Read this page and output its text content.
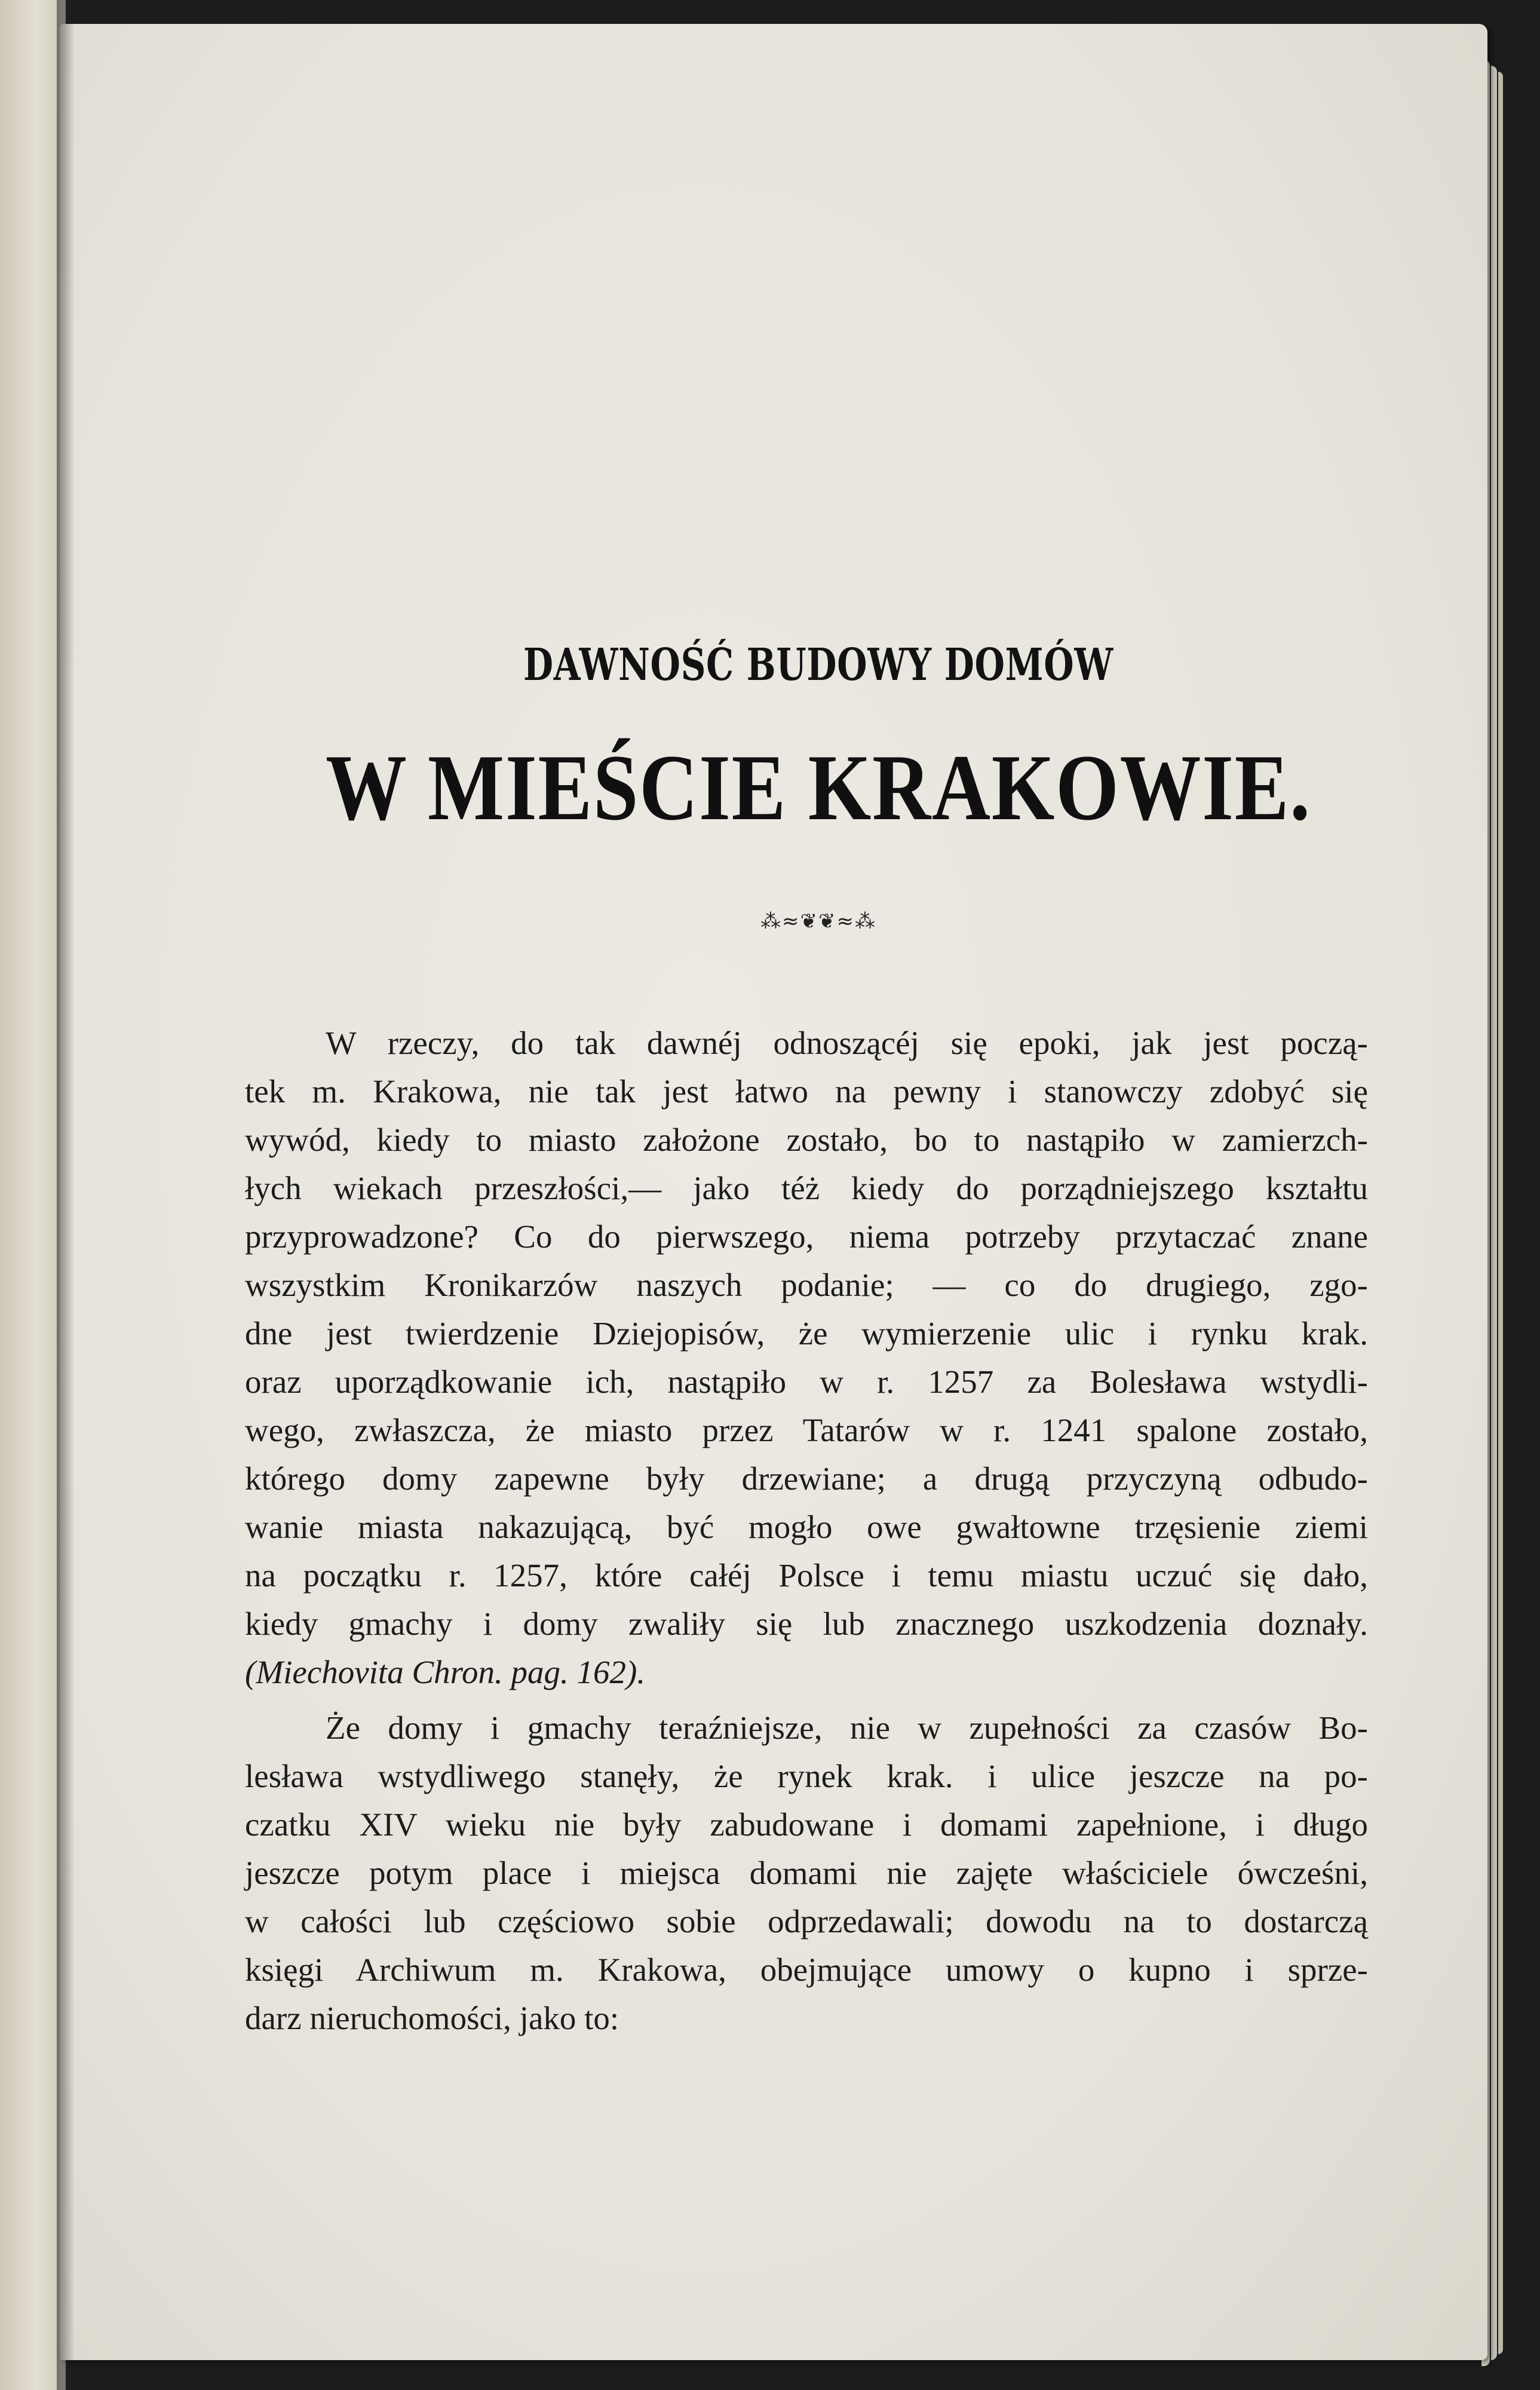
DAWNOŚĆ BUDOWY DOMÓW
W MIEŚCIE KRAKOWIE.
⁂≈❦❦≈⁂
W rzeczy, do tak dawnéj odnoszącéj się epoki, jak jest począ-
tek m. Krakowa, nie tak jest łatwo na pewny i stanowczy zdobyć się
wywód, kiedy to miasto założone zostało, bo to nastąpiło w zamierzch-
łych wiekach przeszłości,— jako téż kiedy do porządniejszego kształtu
przyprowadzone? Co do pierwszego, niema potrzeby przytaczać znane
wszystkim Kronikarzów naszych podanie; — co do drugiego, zgo-
dne jest twierdzenie Dziejopisów, że wymierzenie ulic i rynku krak.
oraz uporządkowanie ich, nastąpiło w r. 1257 za Bolesława wstydli-
wego, zwłaszcza, że miasto przez Tatarów w r. 1241 spalone zostało,
którego domy zapewne były drzewiane; a drugą przyczyną odbudo-
wanie miasta nakazującą, być mogło owe gwałtowne trzęsienie ziemi
na początku r. 1257, które całéj Polsce i temu miastu uczuć się dało,
kiedy gmachy i domy zwaliły się lub znacznego uszkodzenia doznały.
(Miechovita Chron. pag. 162).
Że domy i gmachy teraźniejsze, nie w zupełności za czasów Bo-
lesława wstydliwego stanęły, że rynek krak. i ulice jeszcze na po-
czatku XIV wieku nie były zabudowane i domami zapełnione, i długo
jeszcze potym place i miejsca domami nie zajęte właściciele ówcześni,
w całości lub częściowo sobie odprzedawali; dowodu na to dostarczą
księgi Archiwum m. Krakowa, obejmujące umowy o kupno i sprze-
darz nieruchomości, jako to:
